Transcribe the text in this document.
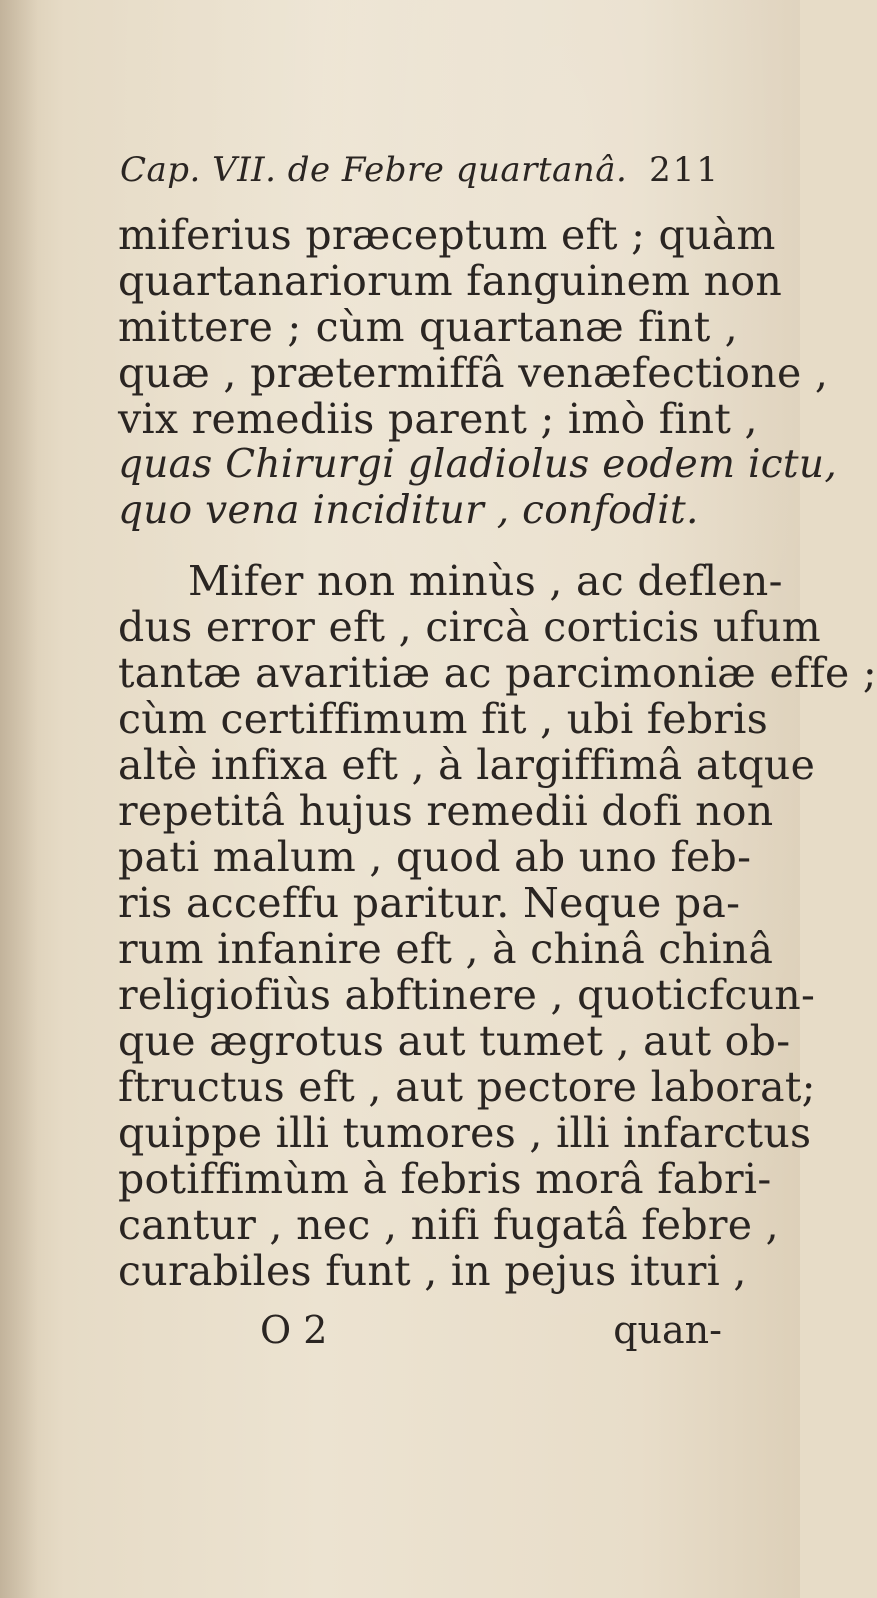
Cap. VII. de Febre quartanâ. 211
miferius præceptum eft ; quàm
quartanariorum fanguinem non
mittere ; cùm quartanæ fint ,
quæ , prætermiffâ venæfectione ,
vix remediis parent ; imò fint ,
quas Chirurgi gladiolus eodem ictu,
quo vena inciditur , confodit.
Mifer non minùs , ac deflen-
dus error eft , circà corticis ufum
tantæ avaritiæ ac parcimoniæ effe ;
cùm certiffimum fit , ubi febris
altè infixa eft , à largiffimâ atque
repetitâ hujus remedii dofi non
pati malum , quod ab uno feb-
ris acceffu paritur. Neque pa-
rum infanire eft , à chinâ chinâ
religiofiùs abftinere , quoticfcun-
que ægrotus aut tumet , aut ob-
ftructus eft , aut pectore laborat;
quippe illi tumores , illi infarctus
potiffimùm à febris morâ fabri-
cantur , nec , nifi fugatâ febre ,
curabiles funt , in pejus ituri ,
O 2	quan-
